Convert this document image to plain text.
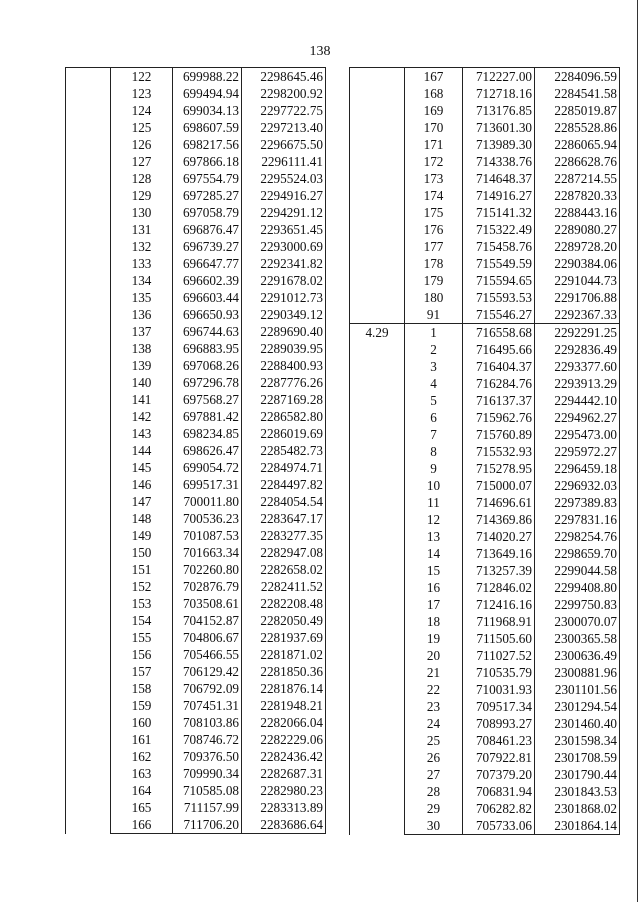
138
	122	699988.22	2298645.46
	123	699494.94	2298200.92
	124	699034.13	2297722.75
	125	698607.59	2297213.40
	126	698217.56	2296675.50
	127	697866.18	2296111.41
	128	697554.79	2295524.03
	129	697285.27	2294916.27
	130	697058.79	2294291.12
	131	696876.47	2293651.45
	132	696739.27	2293000.69
	133	696647.77	2292341.82
	134	696602.39	2291678.02
	135	696603.44	2291012.73
	136	696650.93	2290349.12
	137	696744.63	2289690.40
	138	696883.95	2289039.95
	139	697068.26	2288400.93
	140	697296.78	2287776.26
	141	697568.27	2287169.28
	142	697881.42	2286582.80
	143	698234.85	2286019.69
	144	698626.47	2285482.73
	145	699054.72	2284974.71
	146	699517.31	2284497.82
	147	700011.80	2284054.54
	148	700536.23	2283647.17
	149	701087.53	2283277.35
	150	701663.34	2282947.08
	151	702260.80	2282658.02
	152	702876.79	2282411.52
	153	703508.61	2282208.48
	154	704152.87	2282050.49
	155	704806.67	2281937.69
	156	705466.55	2281871.02
	157	706129.42	2281850.36
	158	706792.09	2281876.14
	159	707451.31	2281948.21
	160	708103.86	2282066.04
	161	708746.72	2282229.06
	162	709376.50	2282436.42
	163	709990.34	2282687.31
	164	710585.08	2282980.23
	165	711157.99	2283313.89
	166	711706.20	2283686.64
	167	712227.00	2284096.59
	168	712718.16	2284541.58
	169	713176.85	2285019.87
	170	713601.30	2285528.86
	171	713989.30	2286065.94
	172	714338.76	2286628.76
	173	714648.37	2287214.55
	174	714916.27	2287820.33
	175	715141.32	2288443.16
	176	715322.49	2289080.27
	177	715458.76	2289728.20
	178	715549.59	2290384.06
	179	715594.65	2291044.73
	180	715593.53	2291706.88
	91	715546.27	2292367.33
4.29	1	716558.68	2292291.25
	2	716495.66	2292836.49
	3	716404.37	2293377.60
	4	716284.76	2293913.29
	5	716137.37	2294442.10
	6	715962.76	2294962.27
	7	715760.89	2295473.00
	8	715532.93	2295972.27
	9	715278.95	2296459.18
	10	715000.07	2296932.03
	11	714696.61	2297389.83
	12	714369.86	2297831.16
	13	714020.27	2298254.76
	14	713649.16	2298659.70
	15	713257.39	2299044.58
	16	712846.02	2299408.80
	17	712416.16	2299750.83
	18	711968.91	2300070.07
	19	711505.60	2300365.58
	20	711027.52	2300636.49
	21	710535.79	2300881.96
	22	710031.93	2301101.56
	23	709517.34	2301294.54
	24	708993.27	2301460.40
	25	708461.23	2301598.34
	26	707922.81	2301708.59
	27	707379.20	2301790.44
	28	706831.94	2301843.53
	29	706282.82	2301868.02
	30	705733.06	2301864.14
